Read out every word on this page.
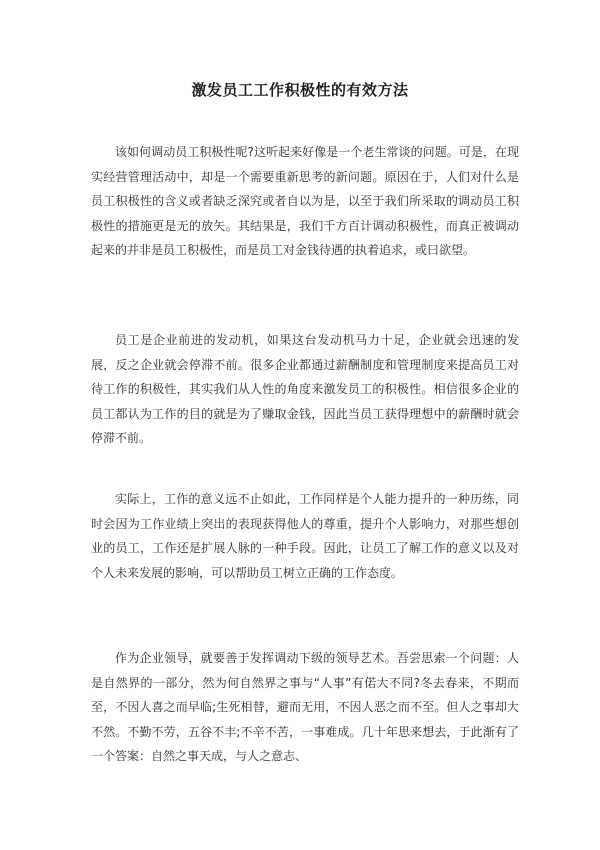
激发员工工作积极性的有效方法

该如何调动员工积极性呢?这听起来好像是一个老生常谈的问题。可是，在现实经营管理活动中，却是一个需要重新思考的新问题。原因在于，人们对什么是员工积极性的含义或者缺乏深究或者自以为是，以至于我们所采取的调动员工积极性的措施更是无的放矢。其结果是，我们千方百计调动积极性，而真正被调动起来的并非是员工积极性，而是员工对金钱待遇的执着追求，或曰欲望。

员工是企业前进的发动机，如果这台发动机马力十足，企业就会迅速的发展，反之企业就会停滞不前。很多企业都通过薪酬制度和管理制度来提高员工对待工作的积极性，其实我们从人性的角度来激发员工的积极性。相信很多企业的员工都认为工作的目的就是为了赚取金钱，因此当员工获得理想中的薪酬时就会停滞不前。

实际上，工作的意义远不止如此，工作同样是个人能力提升的一种历练，同时会因为工作业绩上突出的表现获得他人的尊重，提升个人影响力，对那些想创业的员工，工作还是扩展人脉的一种手段。因此，让员工了解工作的意义以及对个人未来发展的影响，可以帮助员工树立正确的工作态度。

作为企业领导，就要善于发挥调动下级的领导艺术。吾尝思索一个问题：人是自然界的一部分，然为何自然界之事与“人事”有偌大不同?冬去春来，不期而至，不因人喜之而早临;生死相替，避而无用，不因人恶之而不至。但人之事却大不然。不勤不劳，五谷不丰;不辛不苦，一事难成。几十年思来想去，于此渐有了一个答案：自然之事天成，与人之意志、
